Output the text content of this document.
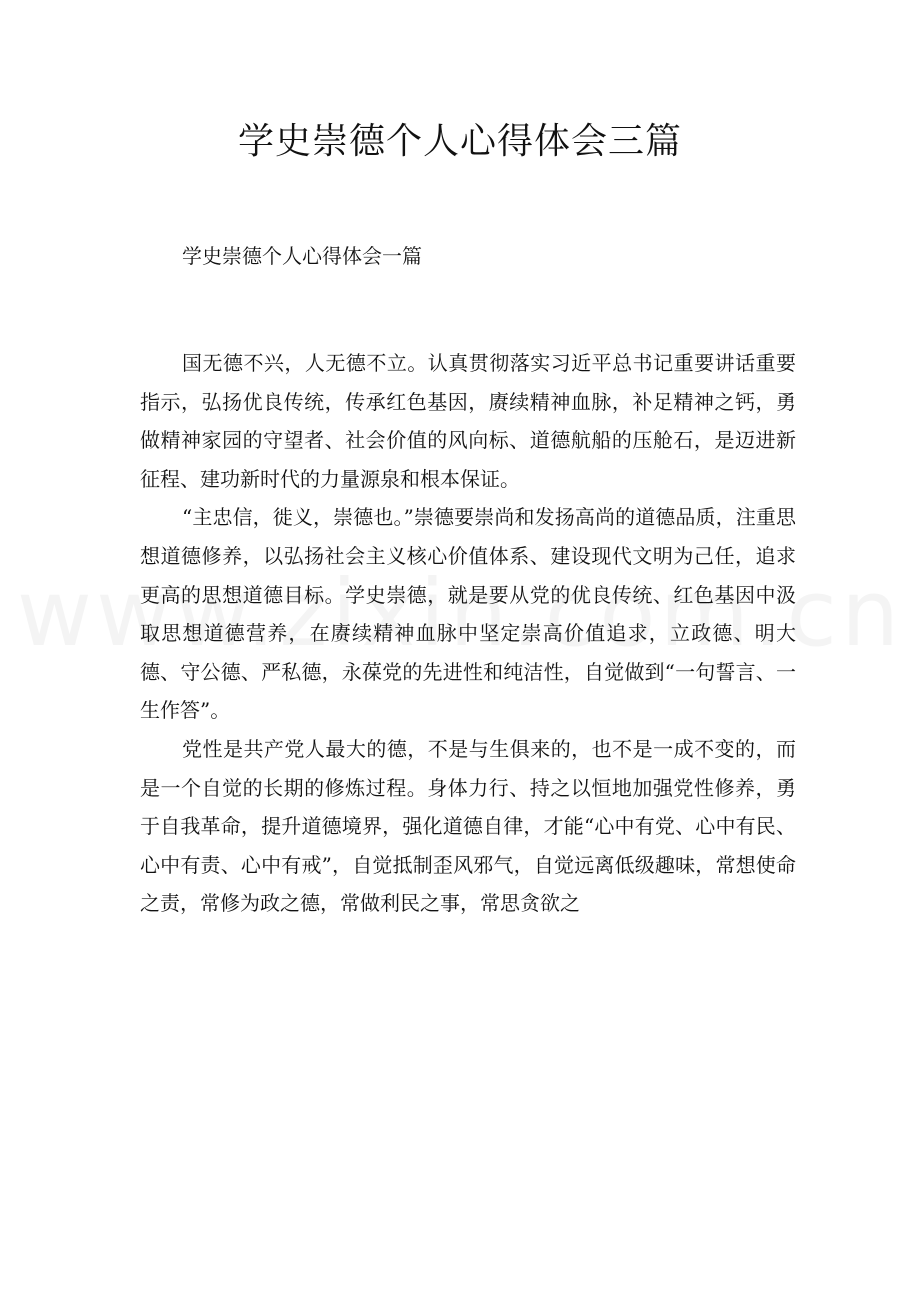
学史崇德个人心得体会三篇
学史崇德个人心得体会一篇

国无德不兴，人无德不立。认真贯彻落实习近平总书记重要讲话重要指示，弘扬优良传统，传承红色基因，赓续精神血脉，补足精神之钙，勇做精神家园的守望者、社会价值的风向标、道德航船的压舱石，是迈进新征程、建功新时代的力量源泉和根本保证。

“主忠信，徙义，崇德也。”崇德要崇尚和发扬高尚的道德品质，注重思想道德修养，以弘扬社会主义核心价值体系、建设现代文明为己任，追求更高的思想道德目标。学史崇德，就是要从党的优良传统、红色基因中汲取思想道德营养，在赓续精神血脉中坚定崇高价值追求，立政德、明大德、守公德、严私德，永葆党的先进性和纯洁性，自觉做到“一句誓言、一生作答”。

党性是共产党人最大的德，不是与生俱来的，也不是一成不变的，而是一个自觉的长期的修炼过程。身体力行、持之以恒地加强党性修养，勇于自我革命，提升道德境界，强化道德自律，才能“心中有党、心中有民、心中有责、心中有戒”，自觉抵制歪风邪气，自觉远离低级趣味，常想使命之责，常修为政之德，常做利民之事，常思贪欲之
